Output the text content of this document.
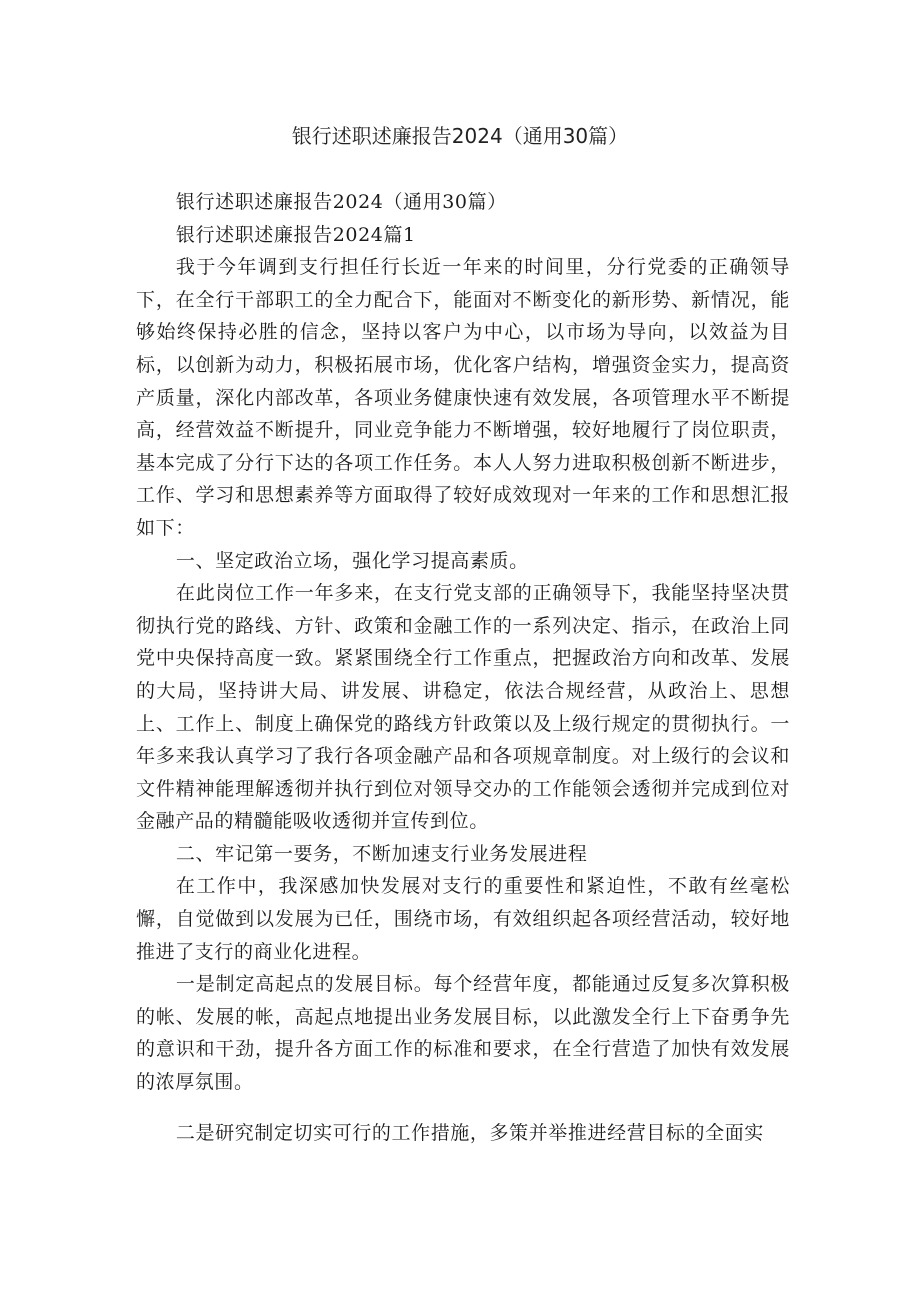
银行述职述廉报告2024（通用30篇）

银行述职述廉报告2024（通用30篇）

银行述职述廉报告2024篇1

我于今年调到支行担任行长近一年来的时间里，分行党委的正确领导下，在全行干部职工的全力配合下，能面对不断变化的新形势、新情况，能够始终保持必胜的信念，坚持以客户为中心，以市场为导向，以效益为目标，以创新为动力，积极拓展市场，优化客户结构，增强资金实力，提高资产质量，深化内部改革，各项业务健康快速有效发展，各项管理水平不断提高，经营效益不断提升，同业竞争能力不断增强，较好地履行了岗位职责，基本完成了分行下达的各项工作任务。本人人努力进取积极创新不断进步，工作、学习和思想素养等方面取得了较好成效现对一年来的工作和思想汇报如下：

一、坚定政治立场，强化学习提高素质。

在此岗位工作一年多来，在支行党支部的正确领导下，我能坚持坚决贯彻执行党的路线、方针、政策和金融工作的一系列决定、指示，在政治上同党中央保持高度一致。紧紧围绕全行工作重点，把握政治方向和改革、发展的大局，坚持讲大局、讲发展、讲稳定，依法合规经营，从政治上、思想上、工作上、制度上确保党的路线方针政策以及上级行规定的贯彻执行。一年多来我认真学习了我行各项金融产品和各项规章制度。对上级行的会议和文件精神能理解透彻并执行到位对领导交办的工作能领会透彻并完成到位对金融产品的精髓能吸收透彻并宣传到位。

二、牢记第一要务，不断加速支行业务发展进程

在工作中，我深感加快发展对支行的重要性和紧迫性，不敢有丝毫松懈，自觉做到以发展为已任，围绕市场，有效组织起各项经营活动，较好地推进了支行的商业化进程。

一是制定高起点的发展目标。每个经营年度，都能通过反复多次算积极的帐、发展的帐，高起点地提出业务发展目标，以此激发全行上下奋勇争先的意识和干劲，提升各方面工作的标准和要求，在全行营造了加快有效发展的浓厚氛围。

二是研究制定切实可行的工作措施，多策并举推进经营目标的全面实
